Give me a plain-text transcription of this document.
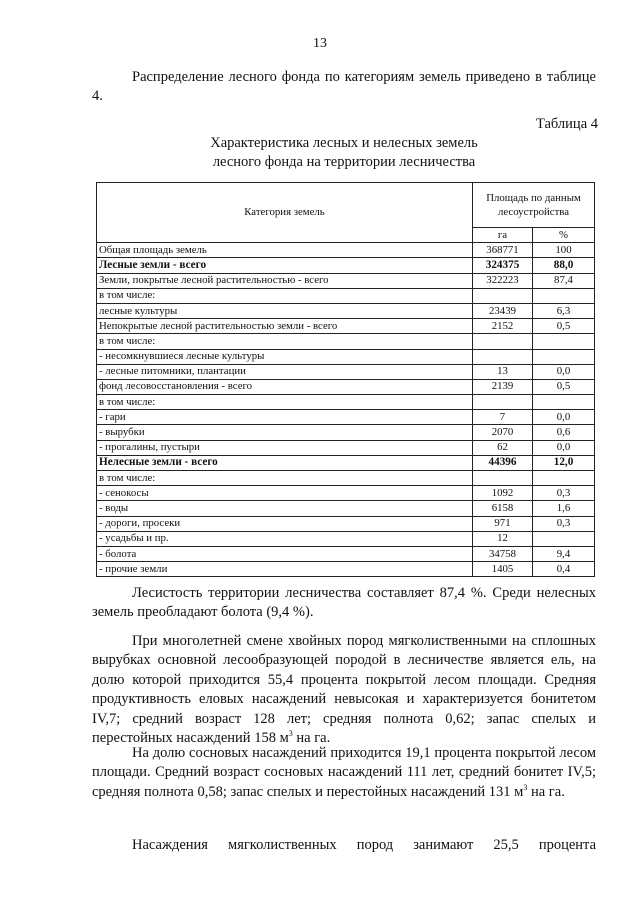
13

Распределение лесного фонда по категориям земель приведено в таблице 4.

Таблица 4
Характеристика лесных и нелесных земель
лесного фонда на территории лесничества
Категория земель	Площадь по данным лесоустройства	
	га	%
Общая площадь земель	368771	100
Лесные земли - всего	324375	88,0
Земли, покрытые лесной растительностью - всего	322223	87,4
в том числе:		
лесные культуры	23439	6,3
Непокрытые лесной растительностью земли - всего	2152	0,5
в том числе:		
- несомкнувшиеся лесные культуры		
- лесные питомники, плантации	13	0,0
фонд лесовосстановления - всего	2139	0,5
в том числе:		
- гари	7	0,0
- вырубки	2070	0,6
- прогалины, пустыри	62	0,0
Нелесные земли - всего	44396	12,0
в том числе:		
- сенокосы	1092	0,3
- воды	6158	1,6
- дороги, просеки	971	0,3
- усадьбы и пр.	12	
- болота	34758	9,4
- прочие земли	1405	0,4

Лесистость территории лесничества составляет 87,4 %. Среди нелесных земель преобладают болота (9,4 %).

При многолетней смене хвойных пород мягколиственными на сплошных вырубках основной лесообразующей породой в лесничестве является ель, на долю которой приходится 55,4 процента покрытой лесом площади. Средняя продуктивность еловых насаждений невысокая и характеризуется бонитетом IV,7; средний возраст 128 лет; средняя полнота 0,62; запас спелых и перестойных насаждений 158 $м^3$ на га.

На долю сосновых насаждений приходится 19,1 процента покрытой лесом площади. Средний возраст сосновых насаждений 111 лет, средний бонитет IV,5; средняя полнота 0,58; запас спелых и перестойных насаждений 131 $м^3$ на га.

Насаждения мягколиственных пород занимают 25,5 процента
